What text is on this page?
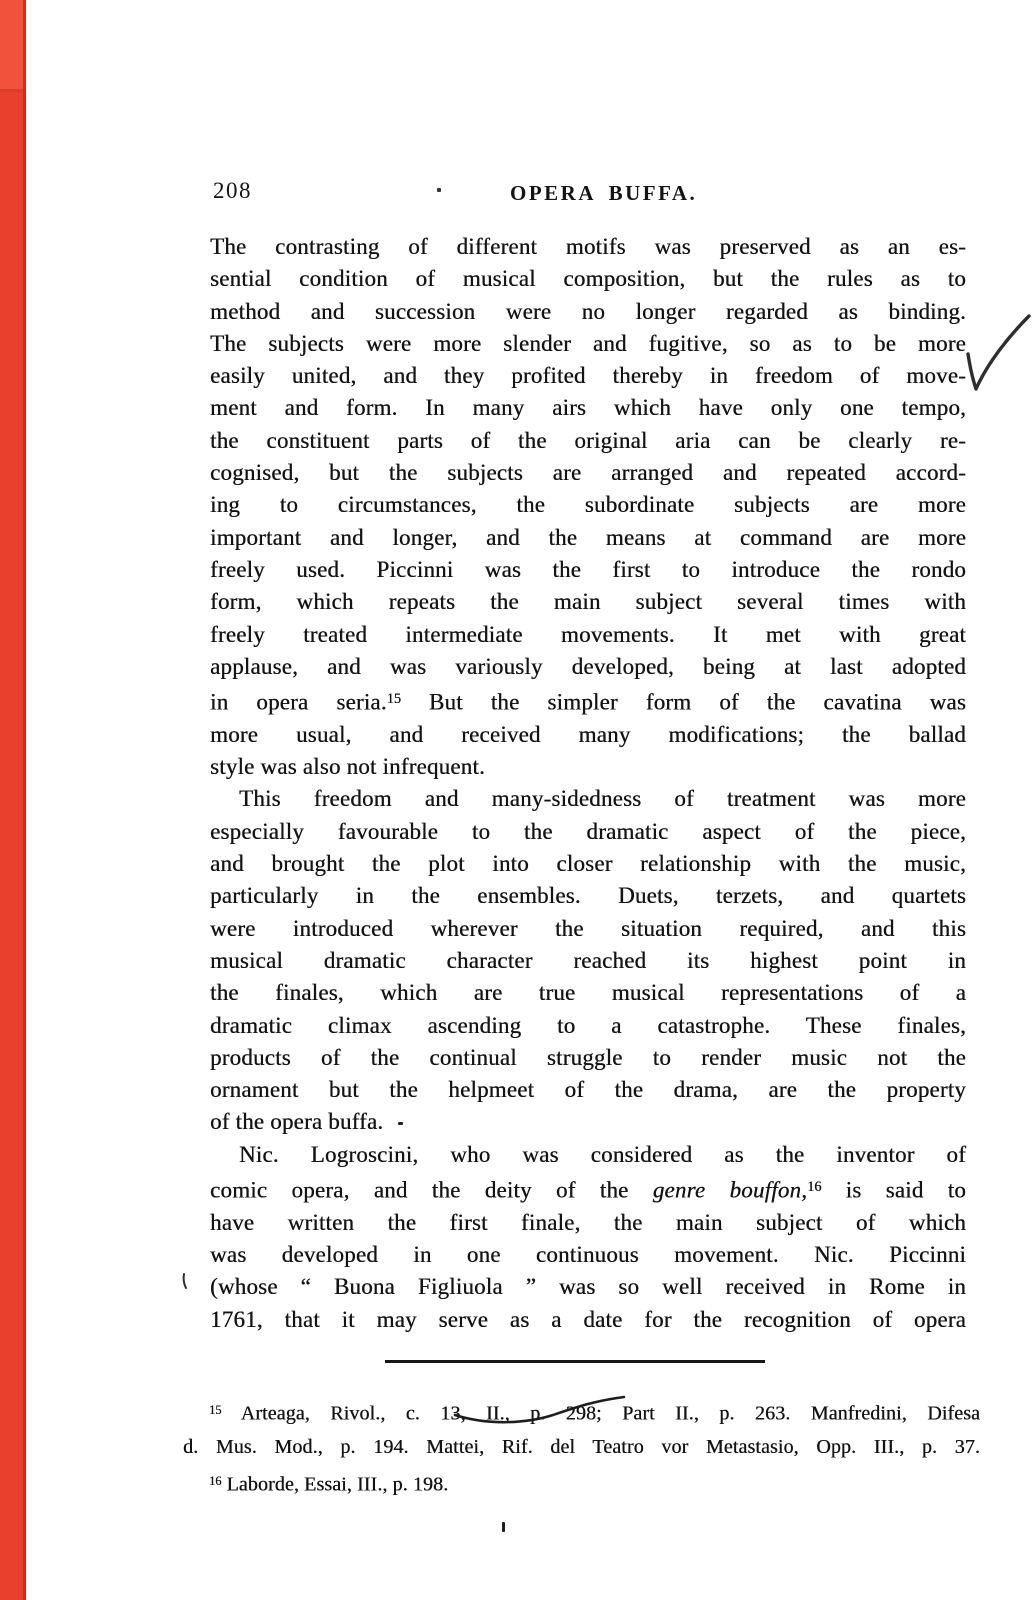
208	OPERA BUFFA.
The contrasting of different motifs was preserved as an es-
sential condition of musical composition, but the rules as to
method and succession were no longer regarded as binding.
The subjects were more slender and fugitive, so as to be more
easily united, and they profited thereby in freedom of move-
ment and form. In many airs which have only one tempo,
the constituent parts of the original aria can be clearly re-
cognised, but the subjects are arranged and repeated accord-
ing to circumstances, the subordinate subjects are more
important and longer, and the means at command are more
freely used. Piccinni was the first to introduce the rondo
form, which repeats the main subject several times with
freely treated intermediate movements. It met with great
applause, and was variously developed, being at last adopted
in opera seria.$^{15}$ But the simpler form of the cavatina was
more usual, and received many modifications; the ballad
style was also not infrequent.
This freedom and many-sidedness of treatment was more
especially favourable to the dramatic aspect of the piece,
and brought the plot into closer relationship with the music,
particularly in the ensembles. Duets, terzets, and quartets
were introduced wherever the situation required, and this
musical dramatic character reached its highest point in
the finales, which are true musical representations of a
dramatic climax ascending to a catastrophe. These finales,
products of the continual struggle to render music not the
ornament but the helpmeet of the drama, are the property
of the opera buffa.
Nic. Logroscini, who was considered as the inventor of
comic opera, and the deity of the genre bouffon,$^{16}$ is said to
have written the first finale, the main subject of which
was developed in one continuous movement. Nic. Piccinni
(whose “ Buona Figliuola ” was so well received in Rome in
1761, that it may serve as a date for the recognition of opera
$^{15}$ Arteaga, Rivol., c. 13, II., p. 298; Part II., p. 263. Manfredini, Difesa
d. Mus. Mod., p. 194. Mattei, Rif. del Teatro vor Metastasio, Opp. III., p. 37.
$^{16}$ Laborde, Essai, III., p. 198.
